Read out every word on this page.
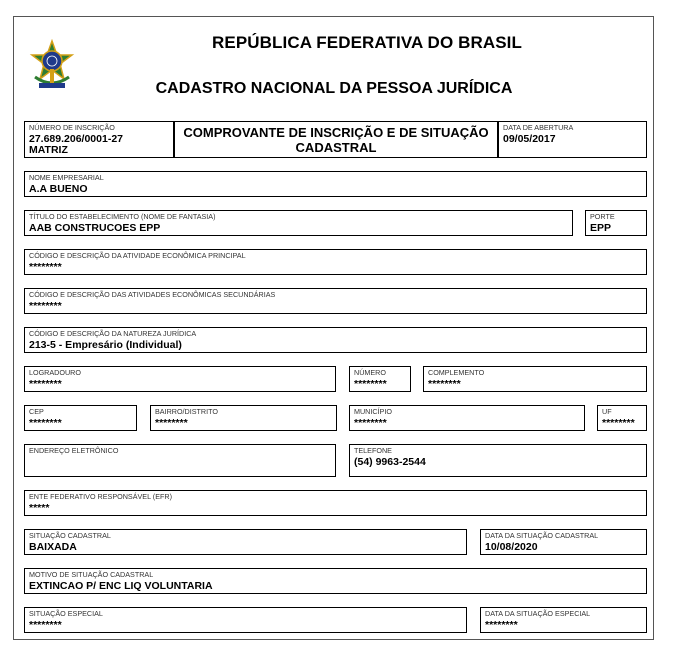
REPÚBLICA FEDERATIVA DO BRASIL
CADASTRO NACIONAL DA PESSOA JURÍDICA
NÚMERO DE INSCRIÇÃO
27.689.206/0001-27
MATRIZ
COMPROVANTE DE INSCRIÇÃO E DE SITUAÇÃO CADASTRAL
DATA DE ABERTURA
09/05/2017
NOME EMPRESARIAL
A.A BUENO
TÍTULO DO ESTABELECIMENTO (NOME DE FANTASIA)
AAB CONSTRUCOES EPP
PORTE
EPP
CÓDIGO E DESCRIÇÃO DA ATIVIDADE ECONÔMICA PRINCIPAL
********
CÓDIGO E DESCRIÇÃO DAS ATIVIDADES ECONÔMICAS SECUNDÁRIAS
********
CÓDIGO E DESCRIÇÃO DA NATUREZA JURÍDICA
213-5 - Empresário (Individual)
LOGRADOURO
********
NÚMERO
********
COMPLEMENTO
********
CEP
********
BAIRRO/DISTRITO
********
MUNICÍPIO
********
UF
********
ENDEREÇO ELETRÔNICO	TELEFONE
(54) 9963-2544
ENTE FEDERATIVO RESPONSÁVEL (EFR)
*****
SITUAÇÃO CADASTRAL
BAIXADA
DATA DA SITUAÇÃO CADASTRAL
10/08/2020
MOTIVO DE SITUAÇÃO CADASTRAL
EXTINCAO P/ ENC LIQ VOLUNTARIA
SITUAÇÃO ESPECIAL
********
DATA DA SITUAÇÃO ESPECIAL
********
